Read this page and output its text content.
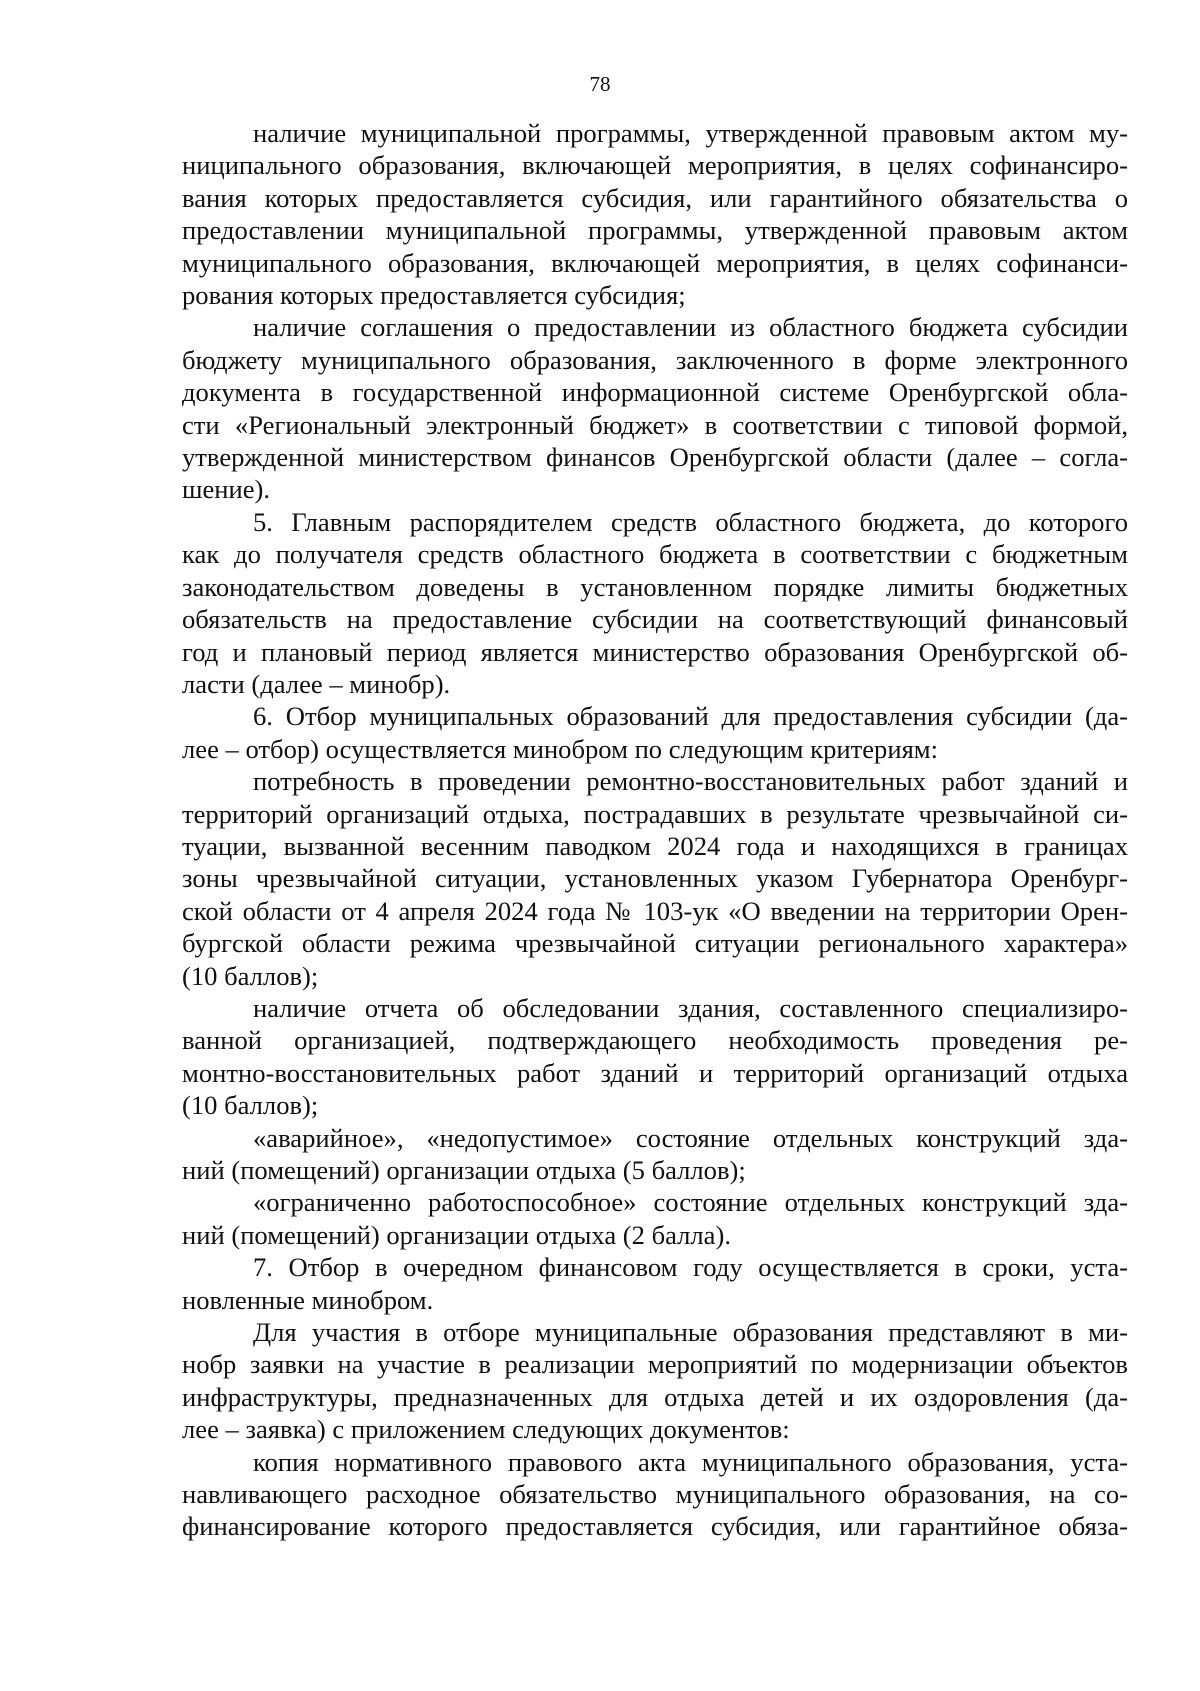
78
наличие муниципальной программы, утвержденной правовым актом му-
ниципального образования, включающей мероприятия, в целях софинансиро-
вания которых предоставляется субсидия, или гарантийного обязательства о
предоставлении муниципальной программы, утвержденной правовым актом
муниципального образования, включающей мероприятия, в целях софинанси-
рования которых предоставляется субсидия;
наличие соглашения о предоставлении из областного бюджета субсидии
бюджету муниципального образования, заключенного в форме электронного
документа в государственной информационной системе Оренбургской обла-
сти «Региональный электронный бюджет» в соответствии с типовой формой,
утвержденной министерством финансов Оренбургской области (далее – согла-
шение).
5. Главным распорядителем средств областного бюджета, до которого
как до получателя средств областного бюджета в соответствии с бюджетным
законодательством доведены в установленном порядке лимиты бюджетных
обязательств на предоставление субсидии на соответствующий финансовый
год и плановый период является министерство образования Оренбургской об-
ласти (далее – минобр).
6. Отбор муниципальных образований для предоставления субсидии (да-
лее – отбор) осуществляется минобром по следующим критериям:
потребность в проведении ремонтно-восстановительных работ зданий и
территорий организаций отдыха, пострадавших в результате чрезвычайной си-
туации, вызванной весенним паводком 2024 года и находящихся в границах
зоны чрезвычайной ситуации, установленных указом Губернатора Оренбург-
ской области от 4 апреля 2024 года № 103-ук «О введении на территории Орен-
бургской области режима чрезвычайной ситуации регионального характера»
(10 баллов);
наличие отчета об обследовании здания, составленного специализиро-
ванной организацией, подтверждающего необходимость проведения ре-
монтно-восстановительных работ зданий и территорий организаций отдыха
(10 баллов);
«аварийное», «недопустимое» состояние отдельных конструкций зда-
ний (помещений) организации отдыха (5 баллов);
«ограниченно работоспособное» состояние отдельных конструкций зда-
ний (помещений) организации отдыха (2 балла).
7. Отбор в очередном финансовом году осуществляется в сроки, уста-
новленные минобром.
Для участия в отборе муниципальные образования представляют в ми-
нобр заявки на участие в реализации мероприятий по модернизации объектов
инфраструктуры, предназначенных для отдыха детей и их оздоровления (да-
лее – заявка) с приложением следующих документов:
копия нормативного правового акта муниципального образования, уста-
навливающего расходное обязательство муниципального образования, на со-
финансирование которого предоставляется субсидия, или гарантийное обяза-
